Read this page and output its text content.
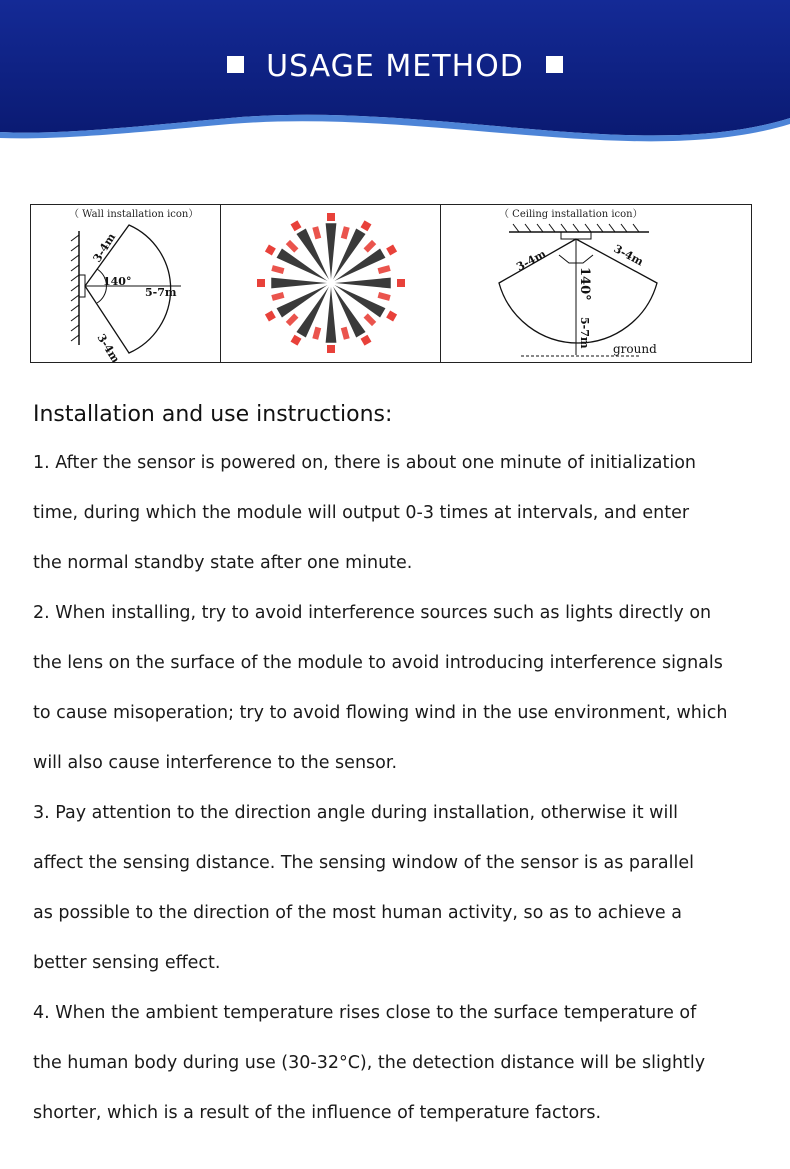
USAGE METHOD
（ Wall installation icon）
140°
5-7m
3-4m
3-4m
（ Ceiling installation icon）
140°
5-7m
3-4m	3-4m
ground
Installation and use instructions:

1. After the sensor is powered on, there is about one minute of initialization

time, during which the module will output 0-3 times at intervals, and enter

the normal standby state after one minute.

2. When installing, try to avoid interference sources such as lights directly on

the lens on the surface of the module to avoid introducing interference signals

to cause misoperation; try to avoid flowing wind in the use environment, which

will also cause interference to the sensor.

3. Pay attention to the direction angle during installation, otherwise it will

affect the sensing distance. The sensing window of the sensor is as parallel

as possible to the direction of the most human activity, so as to achieve a

better sensing effect.

4. When the ambient temperature rises close to the surface temperature of

the human body during use (30-32°C), the detection distance will be slightly

shorter, which is a result of the influence of temperature factors.
